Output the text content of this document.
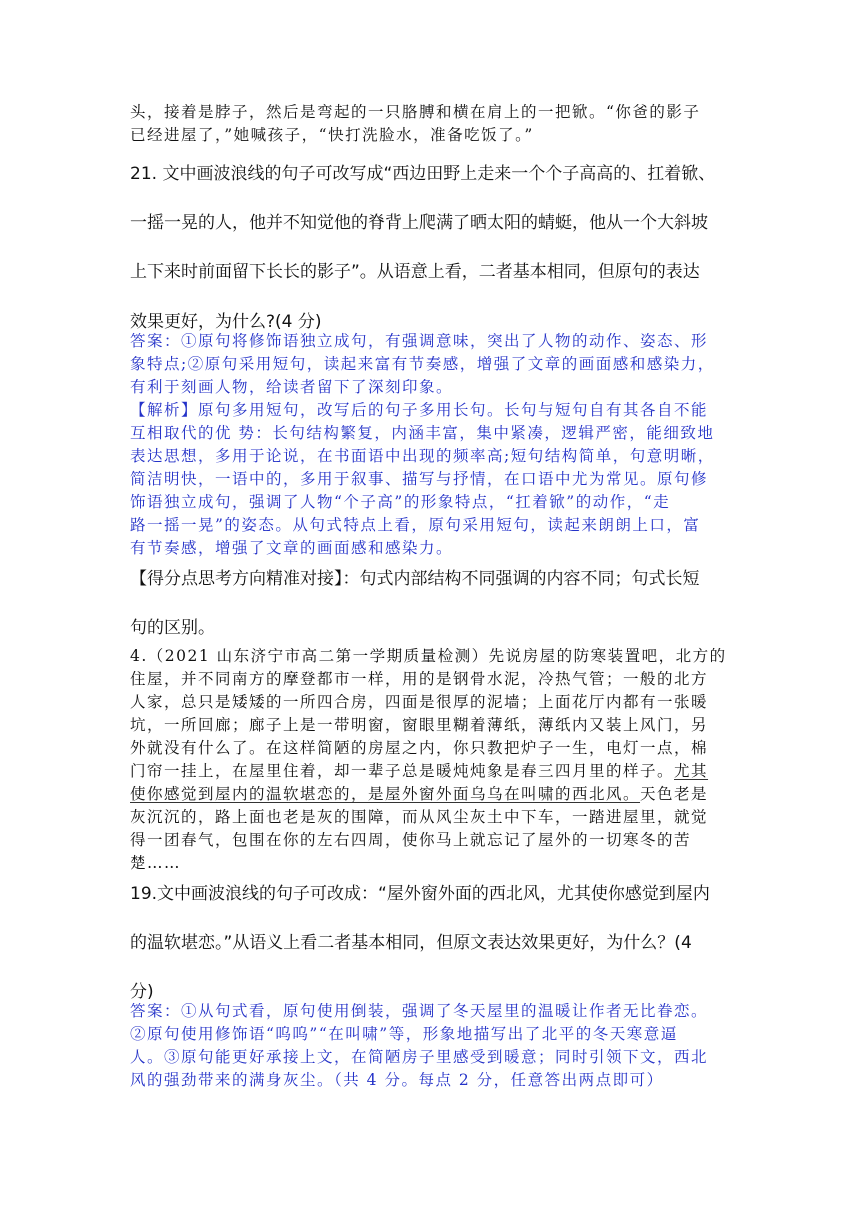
头，接着是脖子，然后是弯起的一只胳膊和横在肩上的一把锨。“你爸的影子
已经进屋了，”她喊孩子，“快打洗脸水，准备吃饭了。”
21. 文中画波浪线的句子可改写成“西边田野上走来一个个子高高的、扛着锨、
一摇一晃的人，他并不知觉他的脊背上爬满了晒太阳的蜻蜓，他从一个大斜坡
上下来时前面留下长长的影子”。从语意上看，二者基本相同，但原句的表达
效果更好，为什么?(4 分)
答案：①原句将修饰语独立成句，有强调意味，突出了人物的动作、姿态、形
象特点;②原句采用短句，读起来富有节奏感，增强了文章的画面感和感染力，
有利于刻画人物，给读者留下了深刻印象。
【解析】原句多用短句，改写后的句子多用长句。长句与短句自有其各自不能
互相取代的优 势：长句结构繁复，内涵丰富，集中紧凑，逻辑严密，能细致地
表达思想，多用于论说，在书面语中出现的频率高;短句结构简单，句意明晰，
简洁明快，一语中的，多用于叙事、描写与抒情，在口语中尤为常见。原句修
饰语独立成句，强调了人物“个子高”的形象特点，“扛着锨”的动作，“走
路一摇一晃”的姿态。从句式特点上看，原句采用短句，读起来朗朗上口，富
有节奏感，增强了文章的画面感和感染力。
【得分点思考方向精准对接】：句式内部结构不同强调的内容不同；句式长短
句的区别。
4.（2021 山东济宁市高二第一学期质量检测）先说房屋的防寒装置吧，北方的
住屋，并不同南方的摩登都市一样，用的是钢骨水泥，冷热气管；一般的北方
人家，总只是矮矮的一所四合房，四面是很厚的泥墙；上面花厅内都有一张暖
坑，一所回廊；廊子上是一带明窗，窗眼里糊着薄纸，薄纸内又装上风门，另
外就没有什么了。在这样简陋的房屋之内，你只教把炉子一生，电灯一点，棉
门帘一挂上，在屋里住着，却一辈子总是暖炖炖象是春三四月里的样子。尤其
使你感觉到屋内的温软堪恋的，是屋外窗外面乌乌在叫啸的西北风。天色老是
灰沉沉的，路上面也老是灰的围障，而从风尘灰土中下车，一踏进屋里，就觉
得一团春气，包围在你的左右四周，使你马上就忘记了屋外的一切寒冬的苦
楚……
19.文中画波浪线的句子可改成：“屋外窗外面的西北风，尤其使你感觉到屋内
的温软堪恋。”从语义上看二者基本相同，但原文表达效果更好，为什么？(4
分)
答案：①从句式看，原句使用倒装，强调了冬天屋里的温暖让作者无比眷恋。
②原句使用修饰语“呜呜”“在叫啸”等，形象地描写出了北平的冬天寒意逼
人。③原句能更好承接上文，在简陋房子里感受到暖意；同时引领下文，西北
风的强劲带来的满身灰尘。（共 4 分。每点 2 分，任意答出两点即可）
